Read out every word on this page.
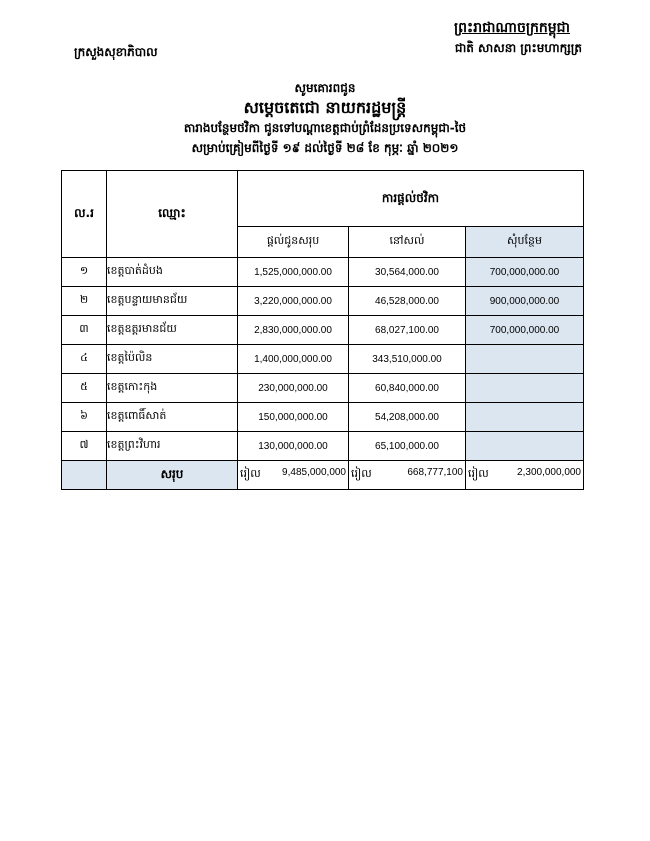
ព្រះរាជាណាចក្រកម្ពុជា
ជាតិ សាសនា ព្រះមហាក្សត្រ
ក្រសួងសុខាភិបាល
សូមគោរពជូន
សម្តេចតេជោ នាយករដ្ឋមន្ត្រី
តារាងបន្ថែមថវិកា ជូនទៅបណ្តាខេត្តជាប់ព្រំដែនប្រទេសកម្ពុជា-ថៃ
សម្រាប់គ្រៀមពីថ្ងៃទី ១៩ ដល់ថ្ងៃទី ២៨ ខែ កុម្ភៈ ឆ្នាំ ២០២១
ល.រ	ឈ្មោះ	ការផ្តល់ថវិកា		
		ផ្តល់ជូនសរុប	នៅសល់	សុំបន្ថែម
១	ខេត្តបាត់ដំបង	1,525,000,000.00	30,564,000.00	700,000,000.00
២	ខេត្តបន្ទាយមានជ័យ	3,220,000,000.00	46,528,000.00	900,000,000.00
៣	ខេត្តឧត្តរមានជ័យ	2,830,000,000.00	68,027,100.00	700,000,000.00
៤	ខេត្តប៉ៃលិន	1,400,000,000.00	343,510,000.00	
៥	ខេត្តកោះកុង	230,000,000.00	60,840,000.00	
៦	ខេត្តពោធិ៍សាត់	150,000,000.00	54,208,000.00	
៧	ខេត្តព្រះវិហារ	130,000,000.00	65,100,000.00	
	សរុប	រៀល 9,485,000,000	រៀល 668,777,100	រៀល 2,300,000,000
